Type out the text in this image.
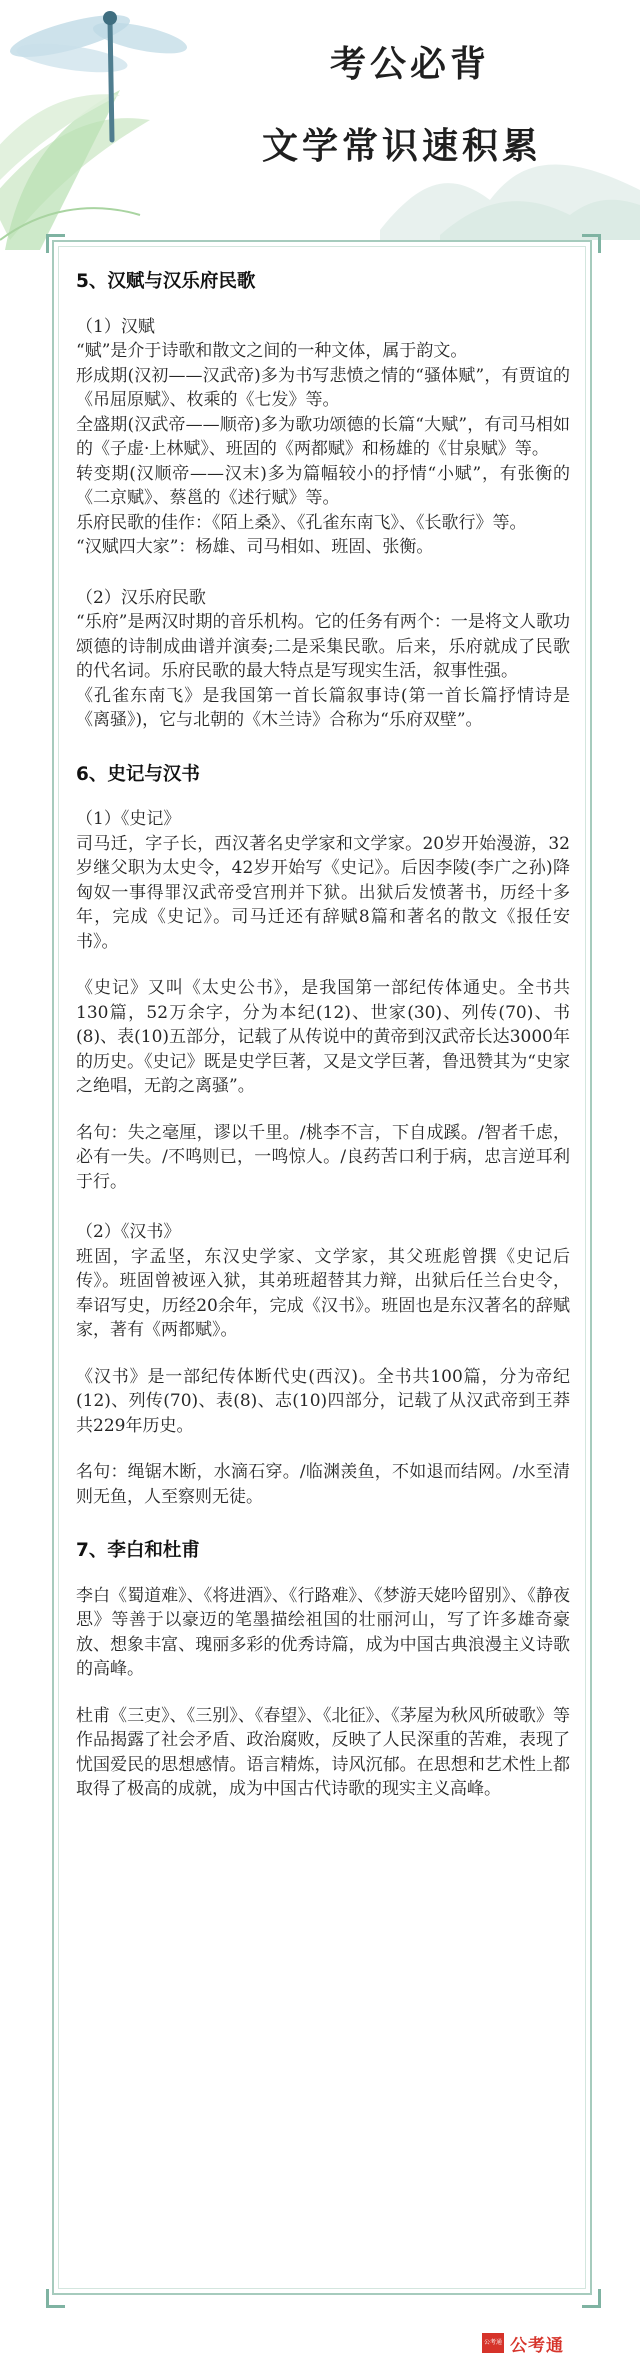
考公必背
文学常识速积累
5、汉赋与汉乐府民歌

（1）汉赋

“赋”是介于诗歌和散文之间的一种文体，属于韵文。

形成期(汉初——汉武帝)多为书写悲愤之情的“骚体赋”，有贾谊的《吊屈原赋》、枚乘的《七发》等。

全盛期(汉武帝——顺帝)多为歌功颂德的长篇“大赋”，有司马相如的《子虚·上林赋》、班固的《两都赋》和杨雄的《甘泉赋》等。

转变期(汉顺帝——汉末)多为篇幅较小的抒情“小赋”，有张衡的《二京赋》、蔡邕的《述行赋》等。

乐府民歌的佳作：《陌上桑》、《孔雀东南飞》、《长歌行》等。

“汉赋四大家”：杨雄、司马相如、班固、张衡。

（2）汉乐府民歌

“乐府”是两汉时期的音乐机构。它的任务有两个：一是将文人歌功颂德的诗制成曲谱并演奏;二是采集民歌。后来，乐府就成了民歌的代名词。乐府民歌的最大特点是写现实生活，叙事性强。

《孔雀东南飞》是我国第一首长篇叙事诗(第一首长篇抒情诗是《离骚》)，它与北朝的《木兰诗》合称为“乐府双壁”。

6、史记与汉书

（1）《史记》

司马迁，字子长，西汉著名史学家和文学家。20岁开始漫游，32岁继父职为太史令，42岁开始写《史记》。后因李陵(李广之孙)降匈奴一事得罪汉武帝受宫刑并下狱。出狱后发愤著书，历经十多年，完成《史记》。司马迁还有辞赋8篇和著名的散文《报任安书》。

《史记》又叫《太史公书》，是我国第一部纪传体通史。全书共130篇，52万余字，分为本纪(12)、世家(30)、列传(70)、书(8)、表(10)五部分，记载了从传说中的黄帝到汉武帝长达3000年的历史。《史记》既是史学巨著，又是文学巨著，鲁迅赞其为“史家之绝唱，无韵之离骚”。

名句：失之毫厘，谬以千里。/桃李不言，下自成蹊。/智者千虑，必有一失。/不鸣则已，一鸣惊人。/良药苦口利于病，忠言逆耳利于行。

（2）《汉书》

班固，字孟坚，东汉史学家、文学家，其父班彪曾撰《史记后传》。班固曾被诬入狱，其弟班超替其力辩，出狱后任兰台史令，奉诏写史，历经20余年，完成《汉书》。班固也是东汉著名的辞赋家，著有《两都赋》。

《汉书》是一部纪传体断代史(西汉)。全书共100篇，分为帝纪(12)、列传(70)、表(8)、志(10)四部分，记载了从汉武帝到王莽共229年历史。

名句：绳锯木断，水滴石穿。/临渊羡鱼，不如退而结网。/水至清则无鱼，人至察则无徒。

7、李白和杜甫

李白《蜀道难》、《将进酒》、《行路难》、《梦游天姥吟留别》、《静夜思》等善于以豪迈的笔墨描绘祖国的壮丽河山，写了许多雄奇豪放、想象丰富、瑰丽多彩的优秀诗篇，成为中国古典浪漫主义诗歌的高峰。

杜甫《三吏》、《三别》、《春望》、《北征》、《茅屋为秋风所破歌》等作品揭露了社会矛盾、政治腐败，反映了人民深重的苦难，表现了忧国爱民的思想感情。语言精炼，诗风沉郁。在思想和艺术性上都取得了极高的成就，成为中国古代诗歌的现实主义高峰。

公考通 公考通
